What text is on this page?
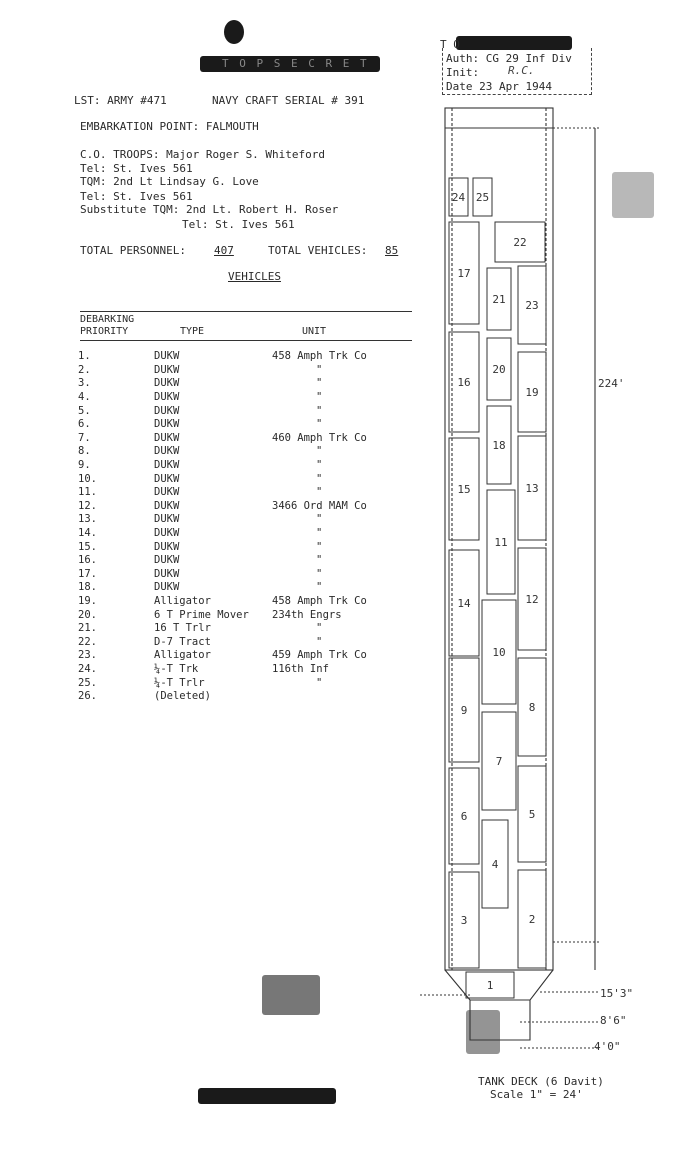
T O P S E C R E T
LST: ARMY #471	NAVY CRAFT SERIAL # 391
EMBARKATION POINT: FALMOUTH
T O
Auth: CG 29 Inf Div
Init:	R.C.
Date 23 Apr 1944
C.O. TROOPS: Major Roger S. Whiteford
Tel: St. Ives 561
TQM: 2nd Lt Lindsay G. Love
Tel: St. Ives 561
Substitute TQM: 2nd Lt. Robert H. Roser
Tel: St. Ives 561
TOTAL PERSONNEL:	407	TOTAL VEHICLES: 85
VEHICLES
DEBARKING
PRIORITY	TYPE	UNIT
1.	DUKW	458 Amph Trk Co
2.	DUKW	"
3.	DUKW	"
4.	DUKW	"
5.	DUKW	"
6.	DUKW	"
7.	DUKW	460 Amph Trk Co
8.	DUKW	"
9.	DUKW	"
10.	DUKW	"
11.	DUKW	"
12.	DUKW	3466 Ord MAM Co
13.	DUKW	"
14.	DUKW	"
15.	DUKW	"
16.	DUKW	"
17.	DUKW	"
18.	DUKW	"
19.	Alligator	458 Amph Trk Co
20.	6 T Prime Mover	234th Engrs
21.	16 T Trlr	"
22.	D-7 Tract	"
23.	Alligator	459 Amph Trk Co
24.	¼-T Trk	116th Inf
25.	¼-T Trlr	"
26.	(Deleted)	
1
2
3
4
5
6
7
8
9
10
11
12
13
14
15
16
17
18
19
20
21
22
23
24 25
224'
15'3"
8'6"
4'0"
TANK DECK (6 Davit)
Scale 1" = 24'
